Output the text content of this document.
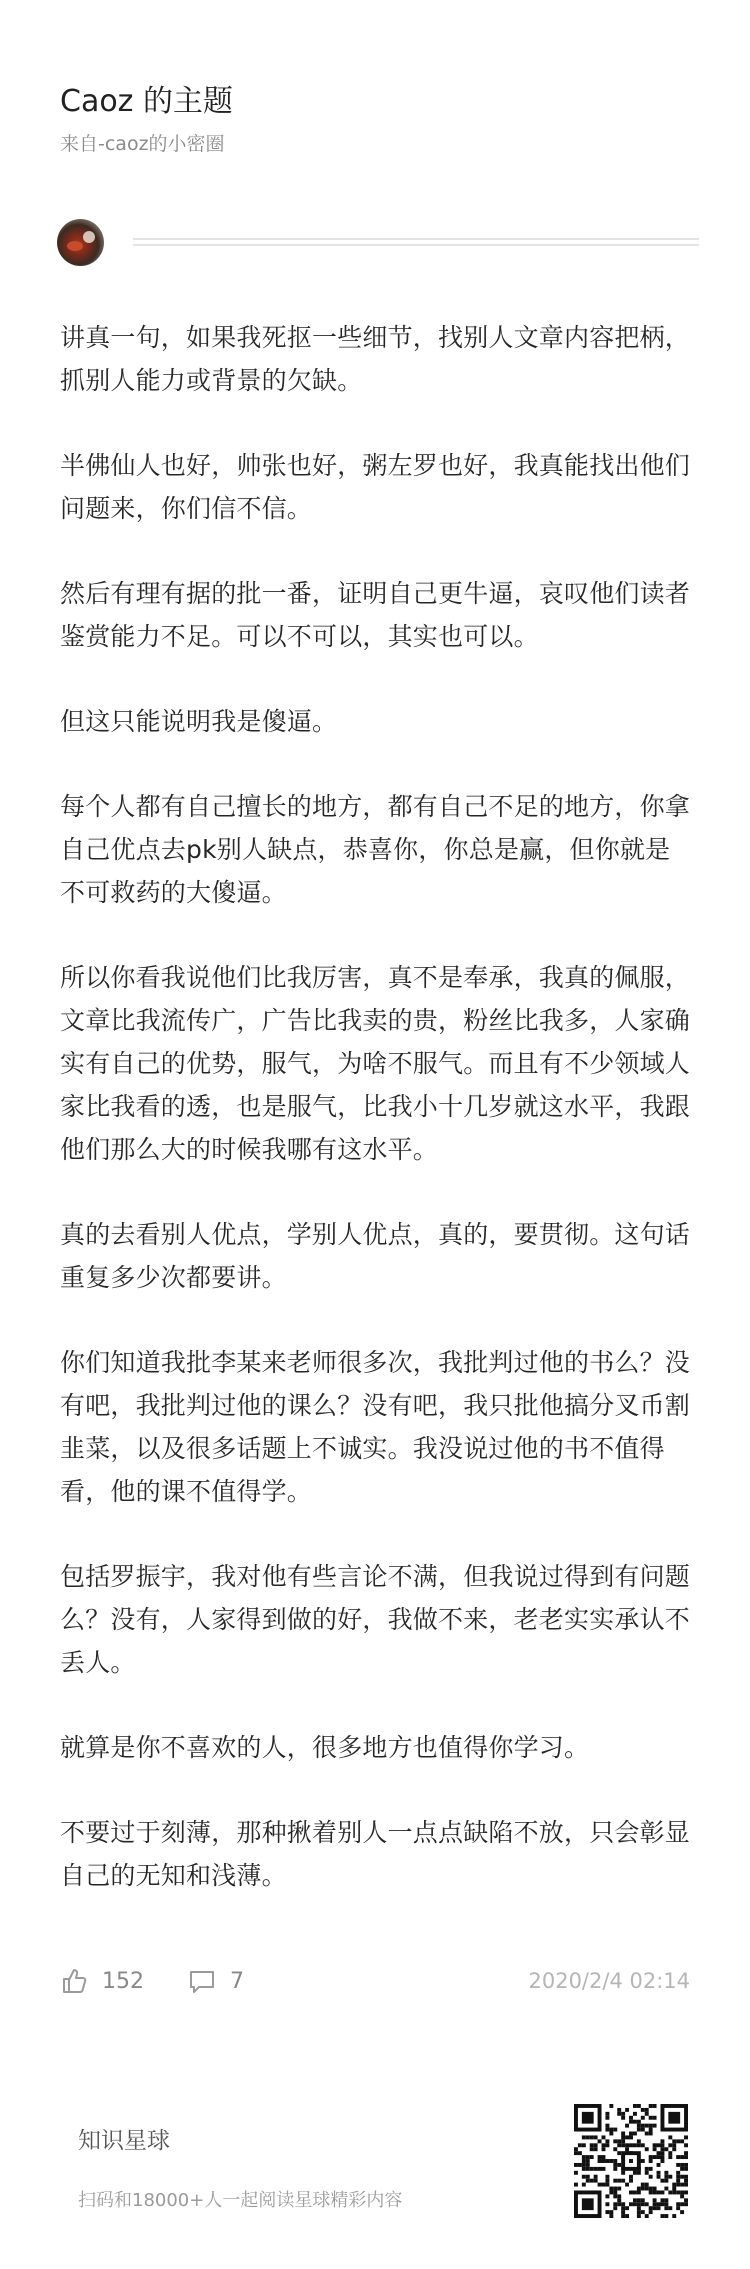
Caoz 的主题
来自-caoz的小密圈

讲真一句，如果我死抠一些细节，找别人文章内容把柄，抓别人能力或背景的欠缺。

半佛仙人也好，帅张也好，粥左罗也好，我真能找出他们问题来，你们信不信。

然后有理有据的批一番，证明自己更牛逼，哀叹他们读者鉴赏能力不足。可以不可以，其实也可以。

但这只能说明我是傻逼。

每个人都有自己擅长的地方，都有自己不足的地方，你拿自己优点去pk别人缺点，恭喜你，你总是赢，但你就是不可救药的大傻逼。

所以你看我说他们比我厉害，真不是奉承，我真的佩服，文章比我流传广，广告比我卖的贵，粉丝比我多，人家确实有自己的优势，服气，为啥不服气。而且有不少领域人家比我看的透，也是服气，比我小十几岁就这水平，我跟他们那么大的时候我哪有这水平。

真的去看别人优点，学别人优点，真的，要贯彻。这句话重复多少次都要讲。

你们知道我批李某来老师很多次，我批判过他的书么？没有吧，我批判过他的课么？没有吧，我只批他搞分叉币割韭菜，以及很多话题上不诚实。我没说过他的书不值得看，他的课不值得学。

包括罗振宇，我对他有些言论不满，但我说过得到有问题么？没有，人家得到做的好，我做不来，老老实实承认不丢人。

就算是你不喜欢的人，很多地方也值得你学习。

不要过于刻薄，那种揪着别人一点点缺陷不放，只会彰显自己的无知和浅薄。

152	7	2020/2/4 02:14
知识星球
扫码和18000+人一起阅读星球精彩内容
